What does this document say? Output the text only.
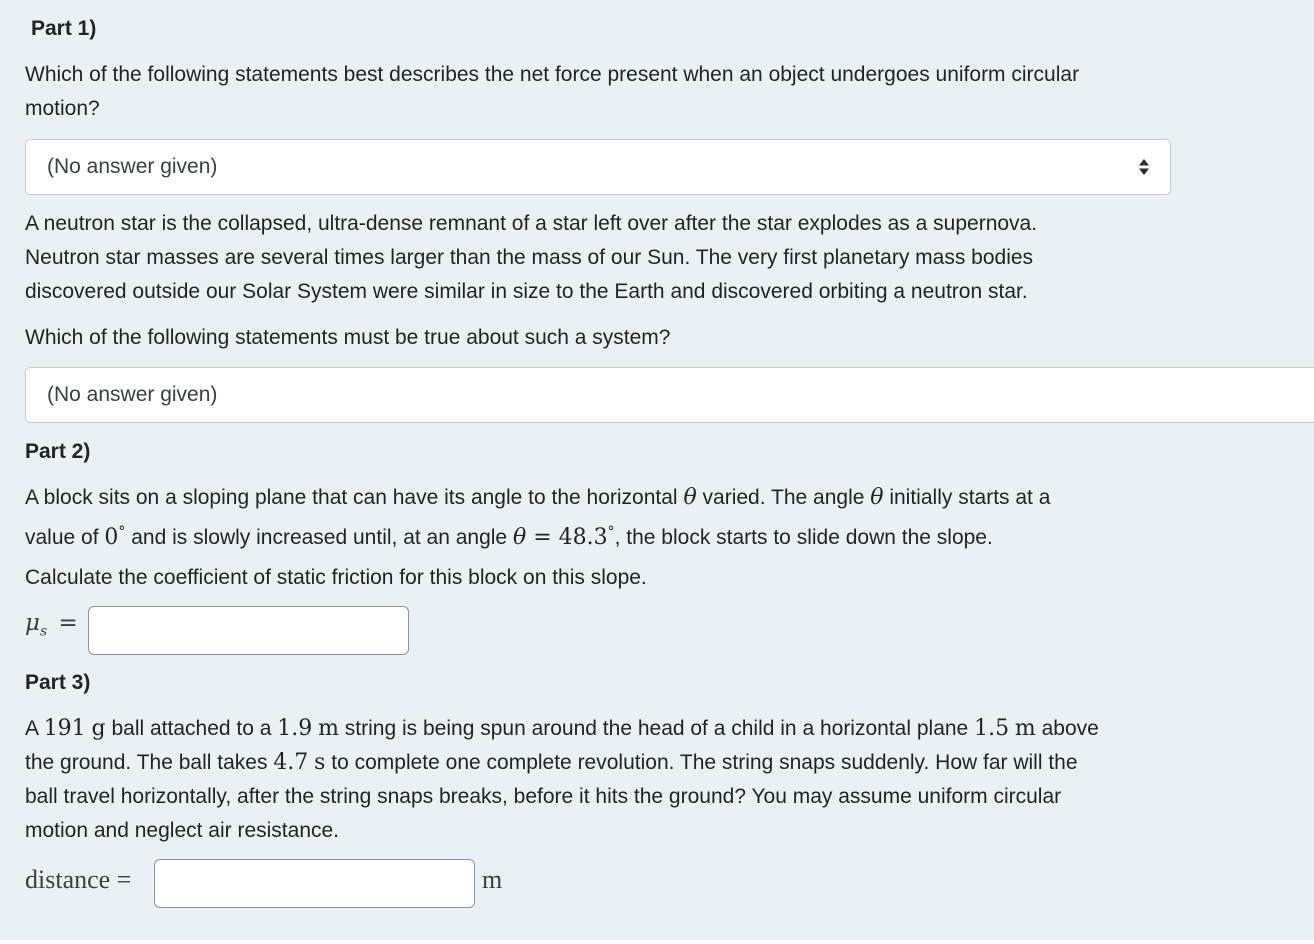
Part 1)

Which of the following statements best describes the net force present when an object undergoes uniform circular
motion?

(No answer given)

A neutron star is the collapsed, ultra-dense remnant of a star left over after the star explodes as a supernova.
Neutron star masses are several times larger than the mass of our Sun. The very first planetary mass bodies
discovered outside our Solar System were similar in size to the Earth and discovered orbiting a neutron star.

Which of the following statements must be true about such a system?
(No answer given)
Part 2)

A block sits on a sloping plane that can have its angle to the horizontal θ varied. The angle θ initially starts at a
value of 0° and is slowly increased until, at an angle θ = 48.3°, the block starts to slide down the slope.

Calculate the coefficient of static friction for this block on this slope.
$\mu_s$ =
Part 3)

A 191 g ball attached to a 1.9 m string is being spun around the head of a child in a horizontal plane 1.5 m above
the ground. The ball takes 4.7 s to complete one complete revolution. The string snaps suddenly. How far will the
ball travel horizontally, after the string snaps breaks, before it hits the ground? You may assume uniform circular
motion and neglect air resistance.

distance =	m
